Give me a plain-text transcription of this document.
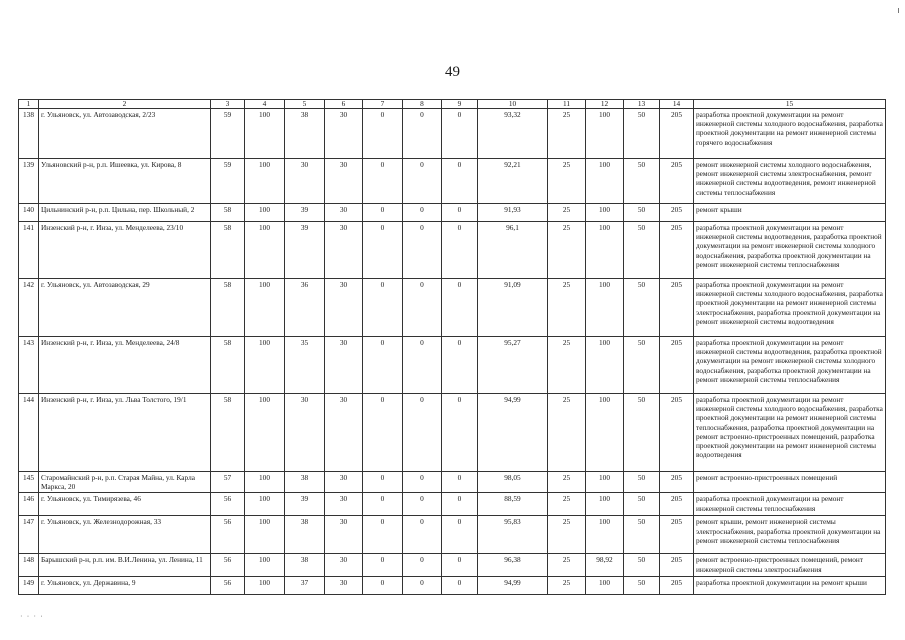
49
1	2	3	4	5	6	7	8	9	10	11	12	13	14	15
138	г. Ульяновск, ул. Автозаводская, 2/23	59	100	38	30	0	0	0	93,32	25	100	50	205	разработка проектной документации на ремонт инженерной системы холодного водоснабжения, разработка проектной документации на ремонт инженерной системы горячего водоснабжения
139	Ульяновский р-н, р.п. Ишеевка, ул. Кирова, 8	59	100	30	30	0	0	0	92,21	25	100	50	205	ремонт инженерной системы холодного водоснабжения, ремонт инженерной системы электроснабжения, ремонт инженерной системы водоотведения, ремонт инженерной системы теплоснабжения
140	Цильнинский р-н, р.п. Цильна, пер. Школьный, 2	58	100	39	30	0	0	0	91,93	25	100	50	205	ремонт крыши
141	Инзенский р-н, г. Инза, ул. Менделеева, 23/10	58	100	39	30	0	0	0	96,1	25	100	50	205	разработка проектной документации на ремонт инженерной системы водоотведения, разработка проектной документации на ремонт инженерной системы холодного водоснабжения, разработка проектной документации на ремонт инженерной системы теплоснабжения
142	г. Ульяновск, ул. Автозаводская, 29	58	100	36	30	0	0	0	91,09	25	100	50	205	разработка проектной документации на ремонт инженерной системы холодного водоснабжения, разработка проектной документации на ремонт инженерной системы электроснабжения, разработка проектной документации на ремонт инженерной системы водоотведения
143	Инзенский р-н, г. Инза, ул. Менделеева, 24/8	58	100	35	30	0	0	0	95,27	25	100	50	205	разработка проектной документации на ремонт инженерной системы водоотведения, разработка проектной документации на ремонт инженерной системы холодного водоснабжения, разработка проектной документации на ремонт инженерной системы теплоснабжения
144	Инзенский р-н, г. Инза, ул. Льва Толстого, 19/1	58	100	30	30	0	0	0	94,99	25	100	50	205	разработка проектной документации на ремонт инженерной системы холодного водоснабжения, разработка проектной документации на ремонт инженерной системы теплоснабжения, разработка проектной документации на ремонт встроенно-пристроенных помещений, разработка проектной документации на ремонт инженерной системы водоотведения
145	Старомайнский р-н, р.п. Старая Майна, ул. Карла Маркса, 20	57	100	38	30	0	0	0	98,05	25	100	50	205	ремонт встроенно-пристроенных помещений
146	г. Ульяновск, ул. Тимирязева, 46	56	100	39	30	0	0	0	88,59	25	100	50	205	разработка проектной документации на ремонт инженерной системы теплоснабжения
147	г. Ульяновск, ул. Железнодорожная, 33	56	100	38	30	0	0	0	95,83	25	100	50	205	ремонт крыши, ремонт инженерной системы электроснабжения, разработка проектной документации на ремонт инженерной системы теплоснабжения
148	Барышский р-н, р.п. им. В.И.Ленина, ул. Ленина, 11	56	100	38	30	0	0	0	96,38	25	98,92	50	205	ремонт встроенно-пристроенных помещений, ремонт инженерной системы электроснабжения
149	г. Ульяновск, ул. Державина, 9	56	100	37	30	0	0	0	94,99	25	100	50	205	разработка проектной документации на ремонт крыши
· ⋅ · ⋅
